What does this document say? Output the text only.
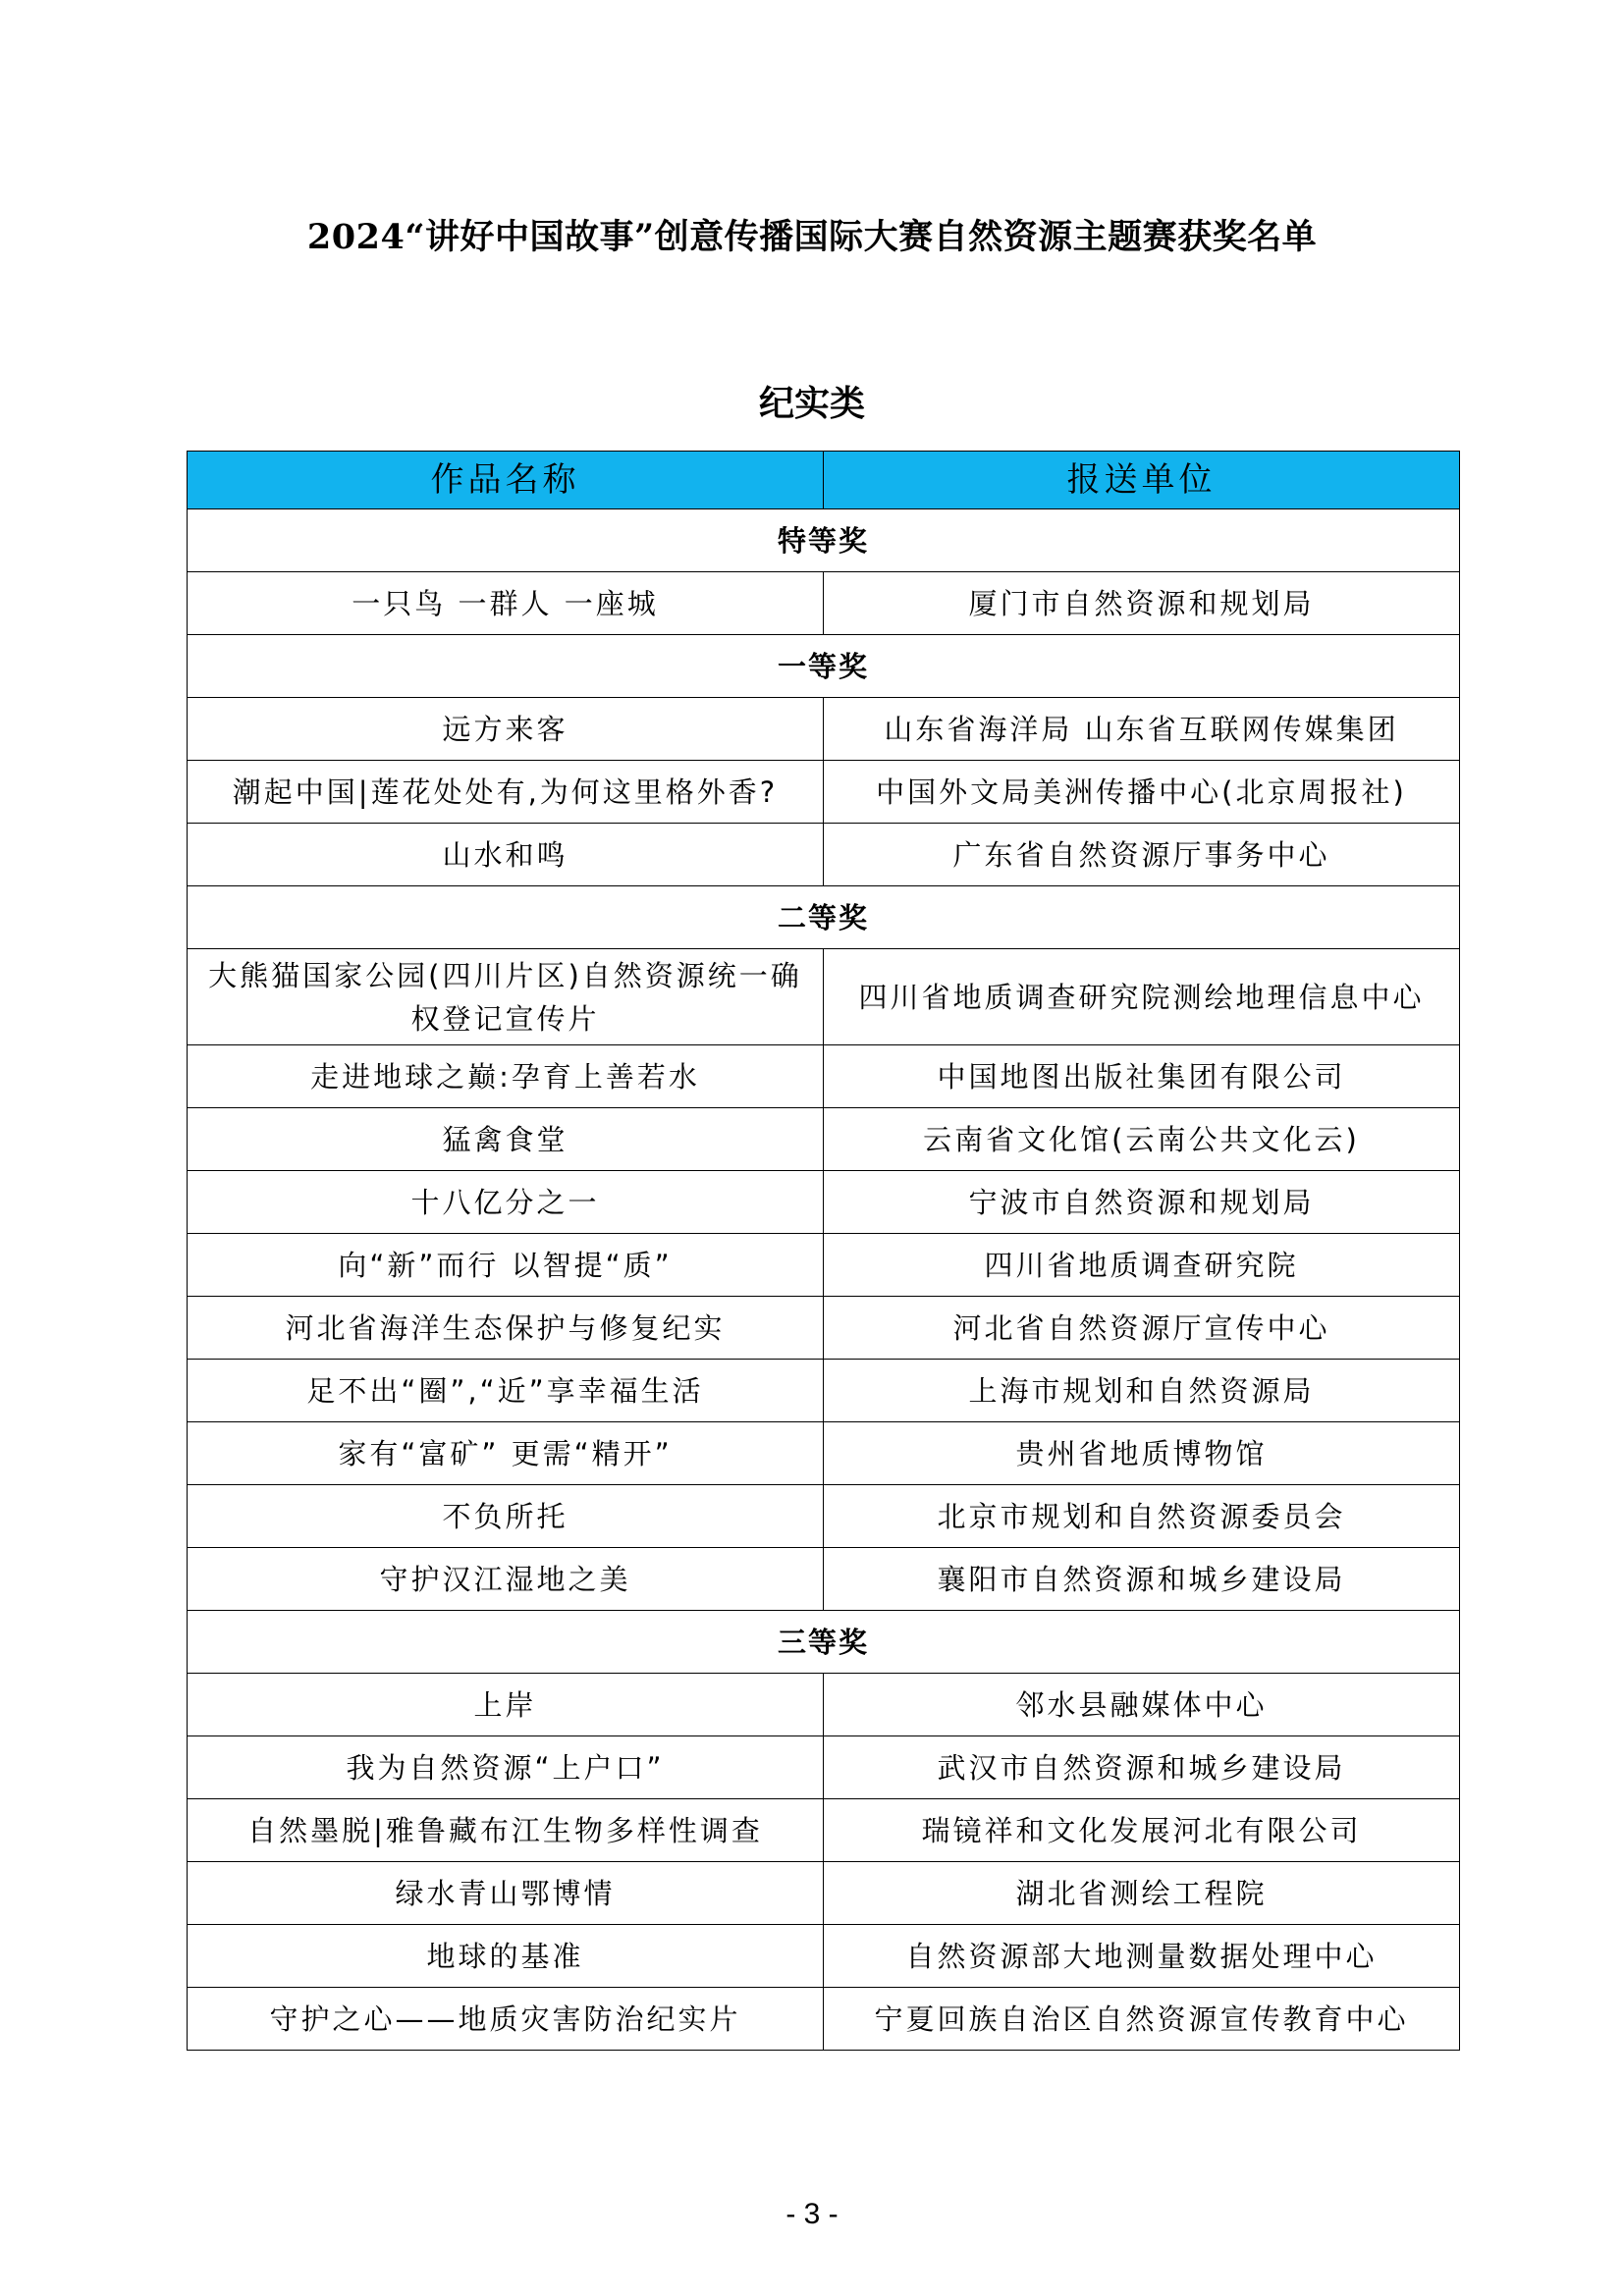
2024“讲好中国故事”创意传播国际大赛自然资源主题赛获奖名单
纪实类
作品名称	报送单位
特等奖	
一只鸟 一群人 一座城	厦门市自然资源和规划局
一等奖	
远方来客	山东省海洋局 山东省互联网传媒集团
潮起中国|莲花处处有,为何这里格外香?	中国外文局美洲传播中心(北京周报社)
山水和鸣	广东省自然资源厅事务中心
二等奖	
大熊猫国家公园(四川片区)自然资源统一确权登记宣传片	四川省地质调查研究院测绘地理信息中心
走进地球之巅:孕育上善若水	中国地图出版社集团有限公司
猛禽食堂	云南省文化馆(云南公共文化云)
十八亿分之一	宁波市自然资源和规划局
向“新”而行 以智提“质”	四川省地质调查研究院
河北省海洋生态保护与修复纪实	河北省自然资源厅宣传中心
足不出“圈”,“近”享幸福生活	上海市规划和自然资源局
家有“富矿” 更需“精开”	贵州省地质博物馆
不负所托	北京市规划和自然资源委员会
守护汉江湿地之美	襄阳市自然资源和城乡建设局
三等奖	
上岸	邻水县融媒体中心
我为自然资源“上户口”	武汉市自然资源和城乡建设局
自然墨脱|雅鲁藏布江生物多样性调查	瑞镜祥和文化发展河北有限公司
绿水青山鄂博情	湖北省测绘工程院
地球的基准	自然资源部大地测量数据处理中心
守护之心——地质灾害防治纪实片	宁夏回族自治区自然资源宣传教育中心
- 3 -
